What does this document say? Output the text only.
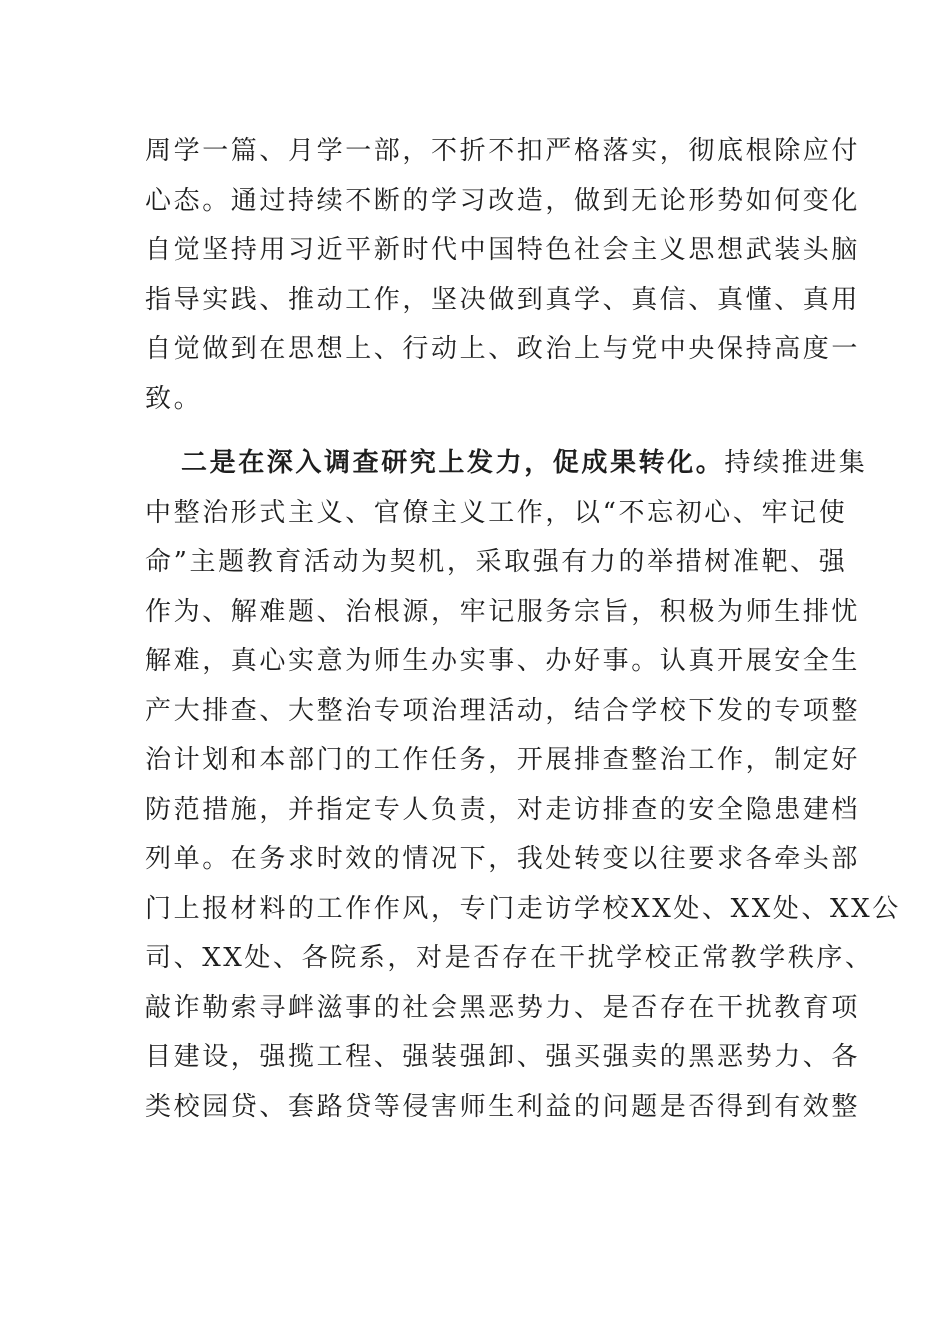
周学一篇、月学一部，不折不扣严格落实，彻底根除应付
心态。通过持续不断的学习改造，做到无论形势如何变化
自觉坚持用习近平新时代中国特色社会主义思想武装头脑
指导实践、推动工作，坚决做到真学、真信、真懂、真用
自觉做到在思想上、行动上、政治上与党中央保持高度一
致。
二是在深入调查研究上发力，促成果转化。持续推进集
中整治形式主义、官僚主义工作，以“不忘初心、牢记使
命”主题教育活动为契机，采取强有力的举措树准靶、强
作为、解难题、治根源，牢记服务宗旨，积极为师生排忧
解难，真心实意为师生办实事、办好事。认真开展安全生
产大排查、大整治专项治理活动，结合学校下发的专项整
治计划和本部门的工作任务，开展排查整治工作，制定好
防范措施，并指定专人负责，对走访排查的安全隐患建档
列单。在务求时效的情况下，我处转变以往要求各牵头部
门上报材料的工作作风，专门走访学校XX处、XX处、XX公
司、XX处、各院系，对是否存在干扰学校正常教学秩序、
敲诈勒索寻衅滋事的社会黑恶势力、是否存在干扰教育项
目建设，强揽工程、强装强卸、强买强卖的黑恶势力、各
类校园贷、套路贷等侵害师生利益的问题是否得到有效整
